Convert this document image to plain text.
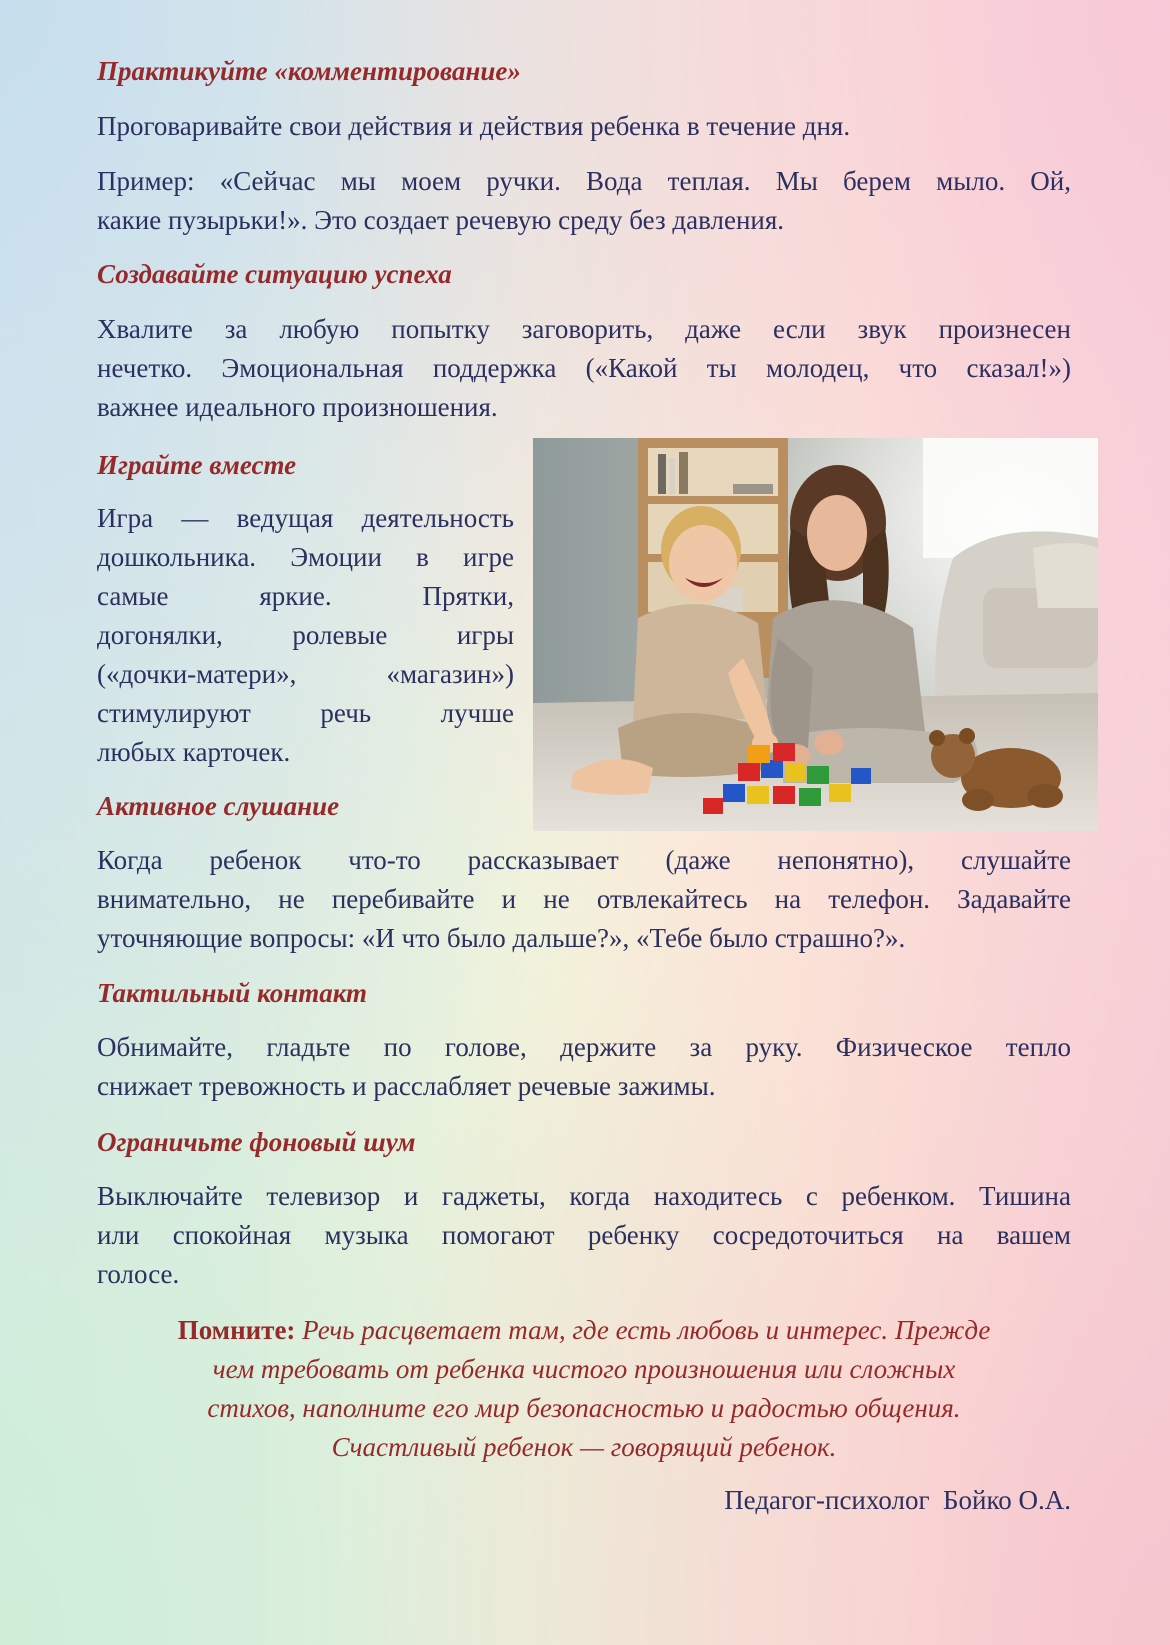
Практикуйте «комментирование»

Проговаривайте свои действия и действия ребенка в течение дня.

Пример: «Сейчас мы моем ручки. Вода теплая. Мы берем мыло. Ой,
какие пузырьки!». Это создает речевую среду без давления.

Создавайте ситуацию успеха

Хвалите за любую попытку заговорить, даже если звук произнесен
нечетко. Эмоциональная поддержка («Какой ты молодец, что сказал!»)
важнее идеального произношения.

Играйте вместе

Игра — ведущая деятельность
дошкольника. Эмоции в игре
самые яркие. Прятки,
догонялки, ролевые игры
(«дочки-матери», «магазин»)
стимулируют речь лучше
любых карточек.

Активное слушание

Когда ребенок что-то рассказывает (даже непонятно), слушайте
внимательно, не перебивайте и не отвлекайтесь на телефон. Задавайте
уточняющие вопросы: «И что было дальше?», «Тебе было страшно?».

Тактильный контакт

Обнимайте, гладьте по голове, держите за руку. Физическое тепло
снижает тревожность и расслабляет речевые зажимы.

Ограничьте фоновый шум

Выключайте телевизор и гаджеты, когда находитесь с ребенком. Тишина
или спокойная музыка помогают ребенку сосредоточиться на вашем
голосе.

Помните: Речь расцветает там, где есть любовь и интерес. Прежде
чем требовать от ребенка чистого произношения или сложных
стихов, наполните его мир безопасностью и радостью общения.
Счастливый ребенок — говорящий ребенок.
Педагог-психолог  Бойко О.А.
